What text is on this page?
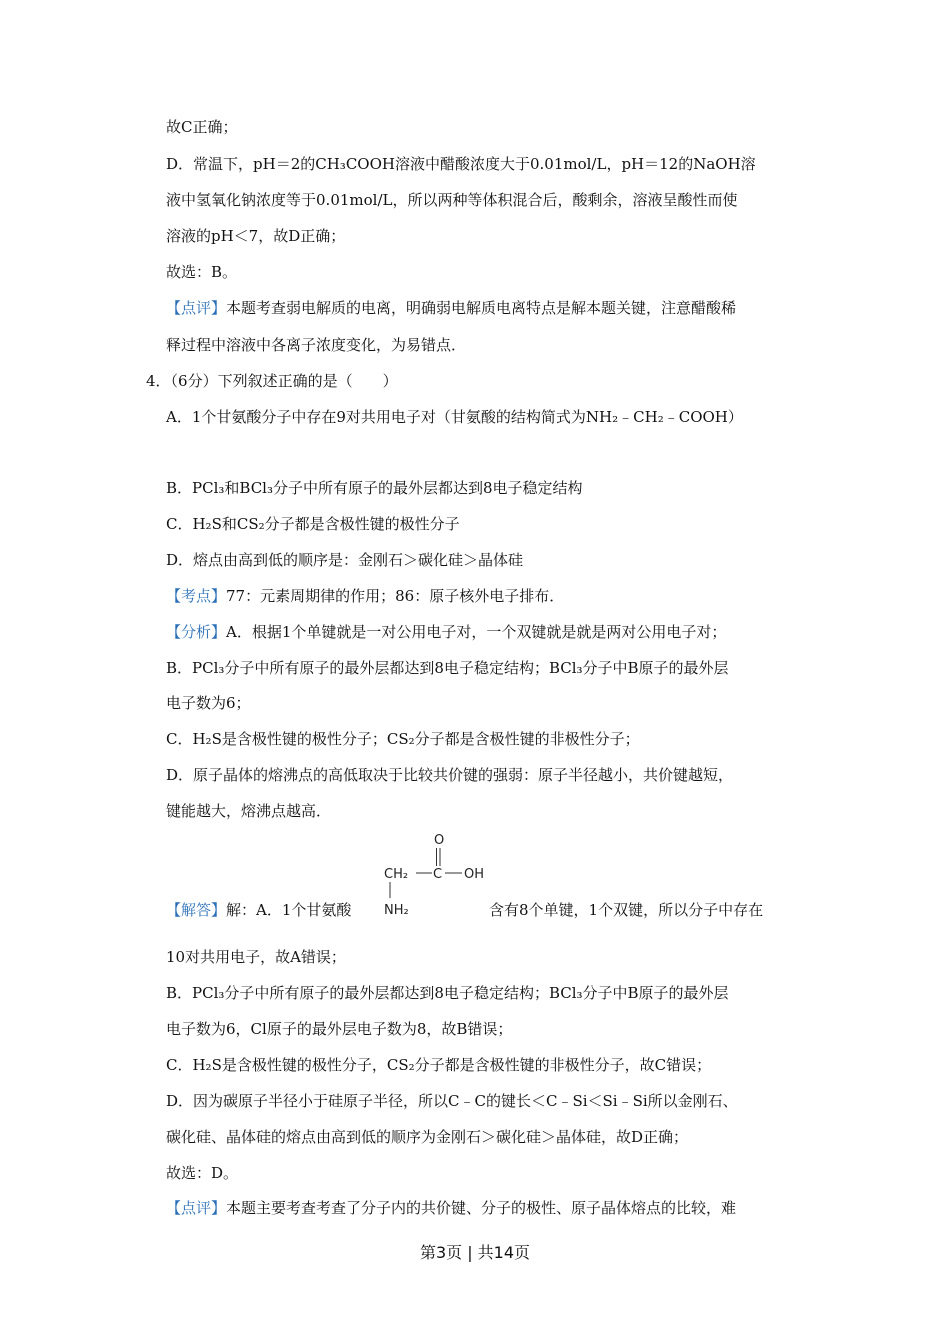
故C正确；
D．常温下，pH＝2的CH₃COOH溶液中醋酸浓度大于0.01mol/L，pH＝12的NaOH溶
液中氢氧化钠浓度等于0.01mol/L，所以两种等体积混合后，酸剩余，溶液呈酸性而使
溶液的pH＜7，故D正确；
故选：B。
【点评】本题考查弱电解质的电离，明确弱电解质电离特点是解本题关键，注意醋酸稀
释过程中溶液中各离子浓度变化，为易错点．
4．（6分）下列叙述正确的是（　　）
A．1个甘氨酸分子中存在9对共用电子对（甘氨酸的结构简式为NH₂﹣CH₂﹣COOH）
B．PCl₃和BCl₃分子中所有原子的最外层都达到8电子稳定结构
C．H₂S和CS₂分子都是含极性键的极性分子
D．熔点由高到低的顺序是：金刚石＞碳化硅＞晶体硅
【考点】77：元素周期律的作用；86：原子核外电子排布．
【分析】A．根据1个单键就是一对公用电子对，一个双键就是就是两对公用电子对；
B．PCl₃分子中所有原子的最外层都达到8电子稳定结构；BCl₃分子中B原子的最外层
电子数为6；
C．H₂S是含极性键的极性分子；CS₂分子都是含极性键的非极性分子；
D．原子晶体的熔沸点的高低取决于比较共价键的强弱：原子半径越小，共价键越短，
键能越大，熔沸点越高．
O
CH₂ C OH
NH₂
【解答】解：A．1个甘氨酸	含有8个单键，1个双键，所以分子中存在
10对共用电子，故A错误；
B．PCl₃分子中所有原子的最外层都达到8电子稳定结构；BCl₃分子中B原子的最外层
电子数为6，Cl原子的最外层电子数为8，故B错误；
C．H₂S是含极性键的极性分子，CS₂分子都是含极性键的非极性分子，故C错误；
D．因为碳原子半径小于硅原子半径，所以C﹣C的键长＜C﹣Si＜Si﹣Si所以金刚石、
碳化硅、晶体硅的熔点由高到低的顺序为金刚石＞碳化硅＞晶体硅，故D正确；
故选：D。
【点评】本题主要考查考查了分子内的共价键、分子的极性、原子晶体熔点的比较，难
第3页 | 共14页
